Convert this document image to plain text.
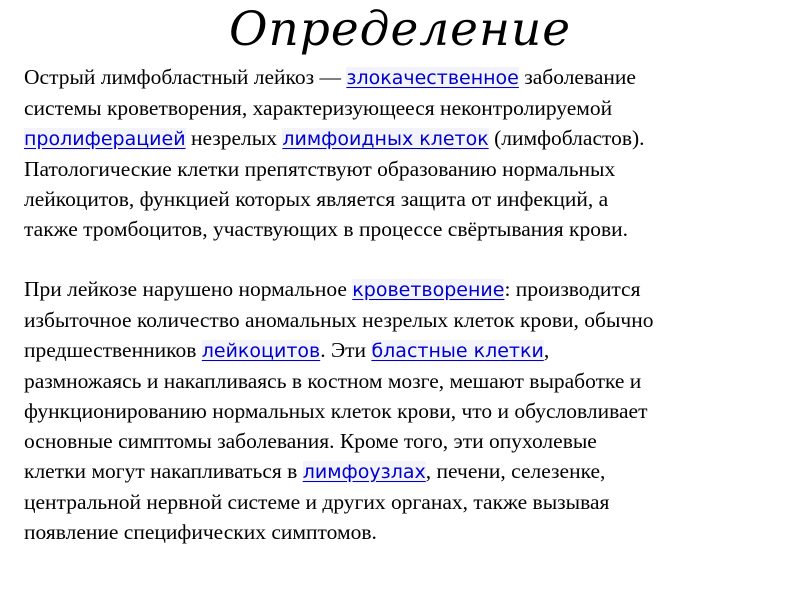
Определение

Острый лимфобластный лейкоз — злокачественное заболевание
системы кроветворения, характеризующееся неконтролируемой
пролиферацией незрелых лимфоидных клеток (лимфобластов).
Патологические клетки препятствуют образованию нормальных
лейкоцитов, функцией которых является защита от инфекций, а
также тромбоцитов, участвующих в процессе свёртывания крови.

При лейкозе нарушено нормальное кроветворение: производится
избыточное количество аномальных незрелых клеток крови, обычно
предшественников лейкоцитов. Эти бластные клетки,
размножаясь и накапливаясь в костном мозге, мешают выработке и
функционированию нормальных клеток крови, что и обусловливает
основные симптомы заболевания. Кроме того, эти опухолевые
клетки могут накапливаться в лимфоузлах, печени, селезенке,
центральной нервной системе и других органах, также вызывая
появление специфических симптомов.
